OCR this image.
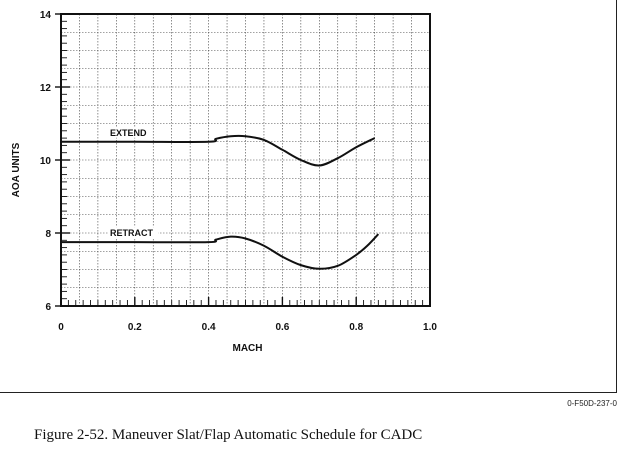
0	0.2	0.4	0.6	0.8	1.0
6
8
10
12
14
MACH
AOA UNITS
EXTEND
RETRACT
0-F50D-237-0
Figure 2-52. Maneuver Slat/Flap Automatic Schedule for CADC
